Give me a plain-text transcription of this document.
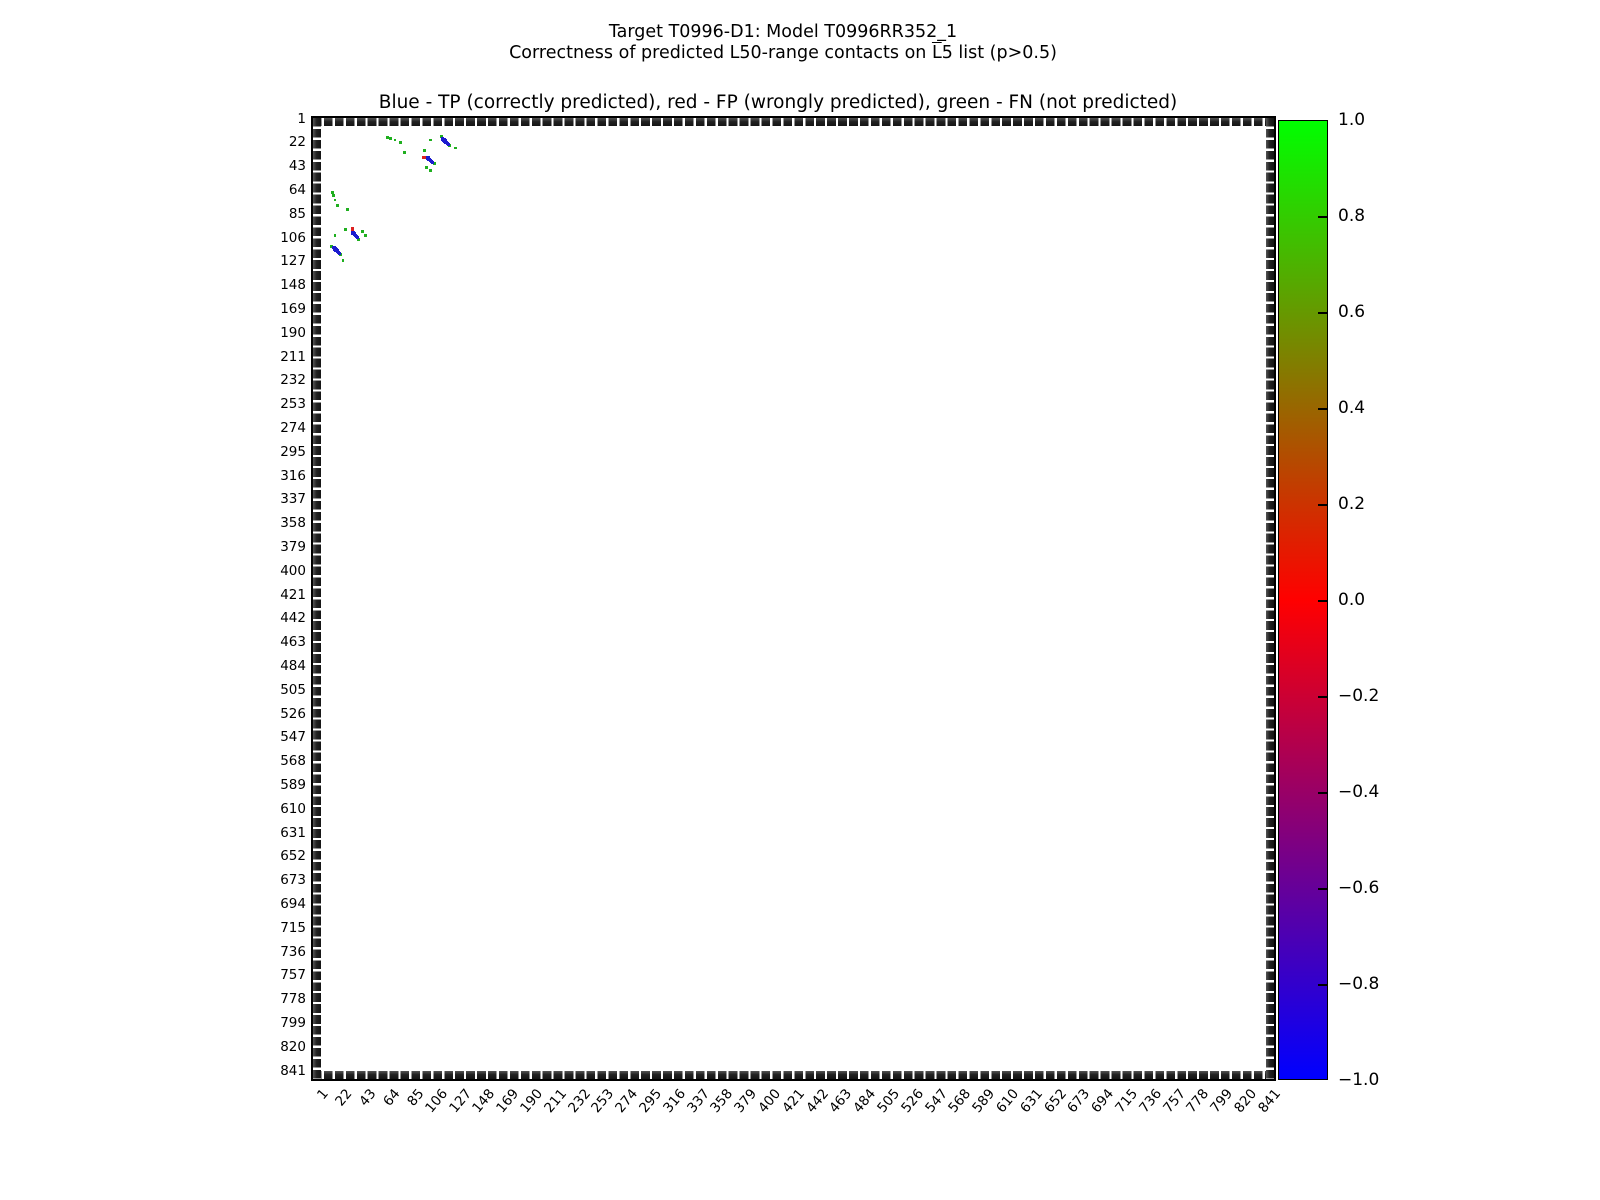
Target T0996-D1: Model T0996RR352_1
Correctness of predicted L50-range contacts on $\overline{L}5$ list (p>0.5)
Blue - TP (correctly predicted), red - FP (wrongly predicted), green - FN (not predicted)
1
22
43
64
85
106
127
148
169
190
211
232
253
274
295
316
337
358
379
400
421
442
463
484
505
526
547
568
589
610
631
652
673
694
715
736
757
778
799
820
841
1 22 43 64 85
106
127
148
169
190
211
232
253
274
295
316
337
358
379
400
421
442
463
484
505
526
547
568
589
610
631
652
673
694
715
736
757
778
799
820
841
1.0
0.8
0.6
0.4
0.2
0.0
−0.2
−0.4
−0.6
−0.8
−1.0
